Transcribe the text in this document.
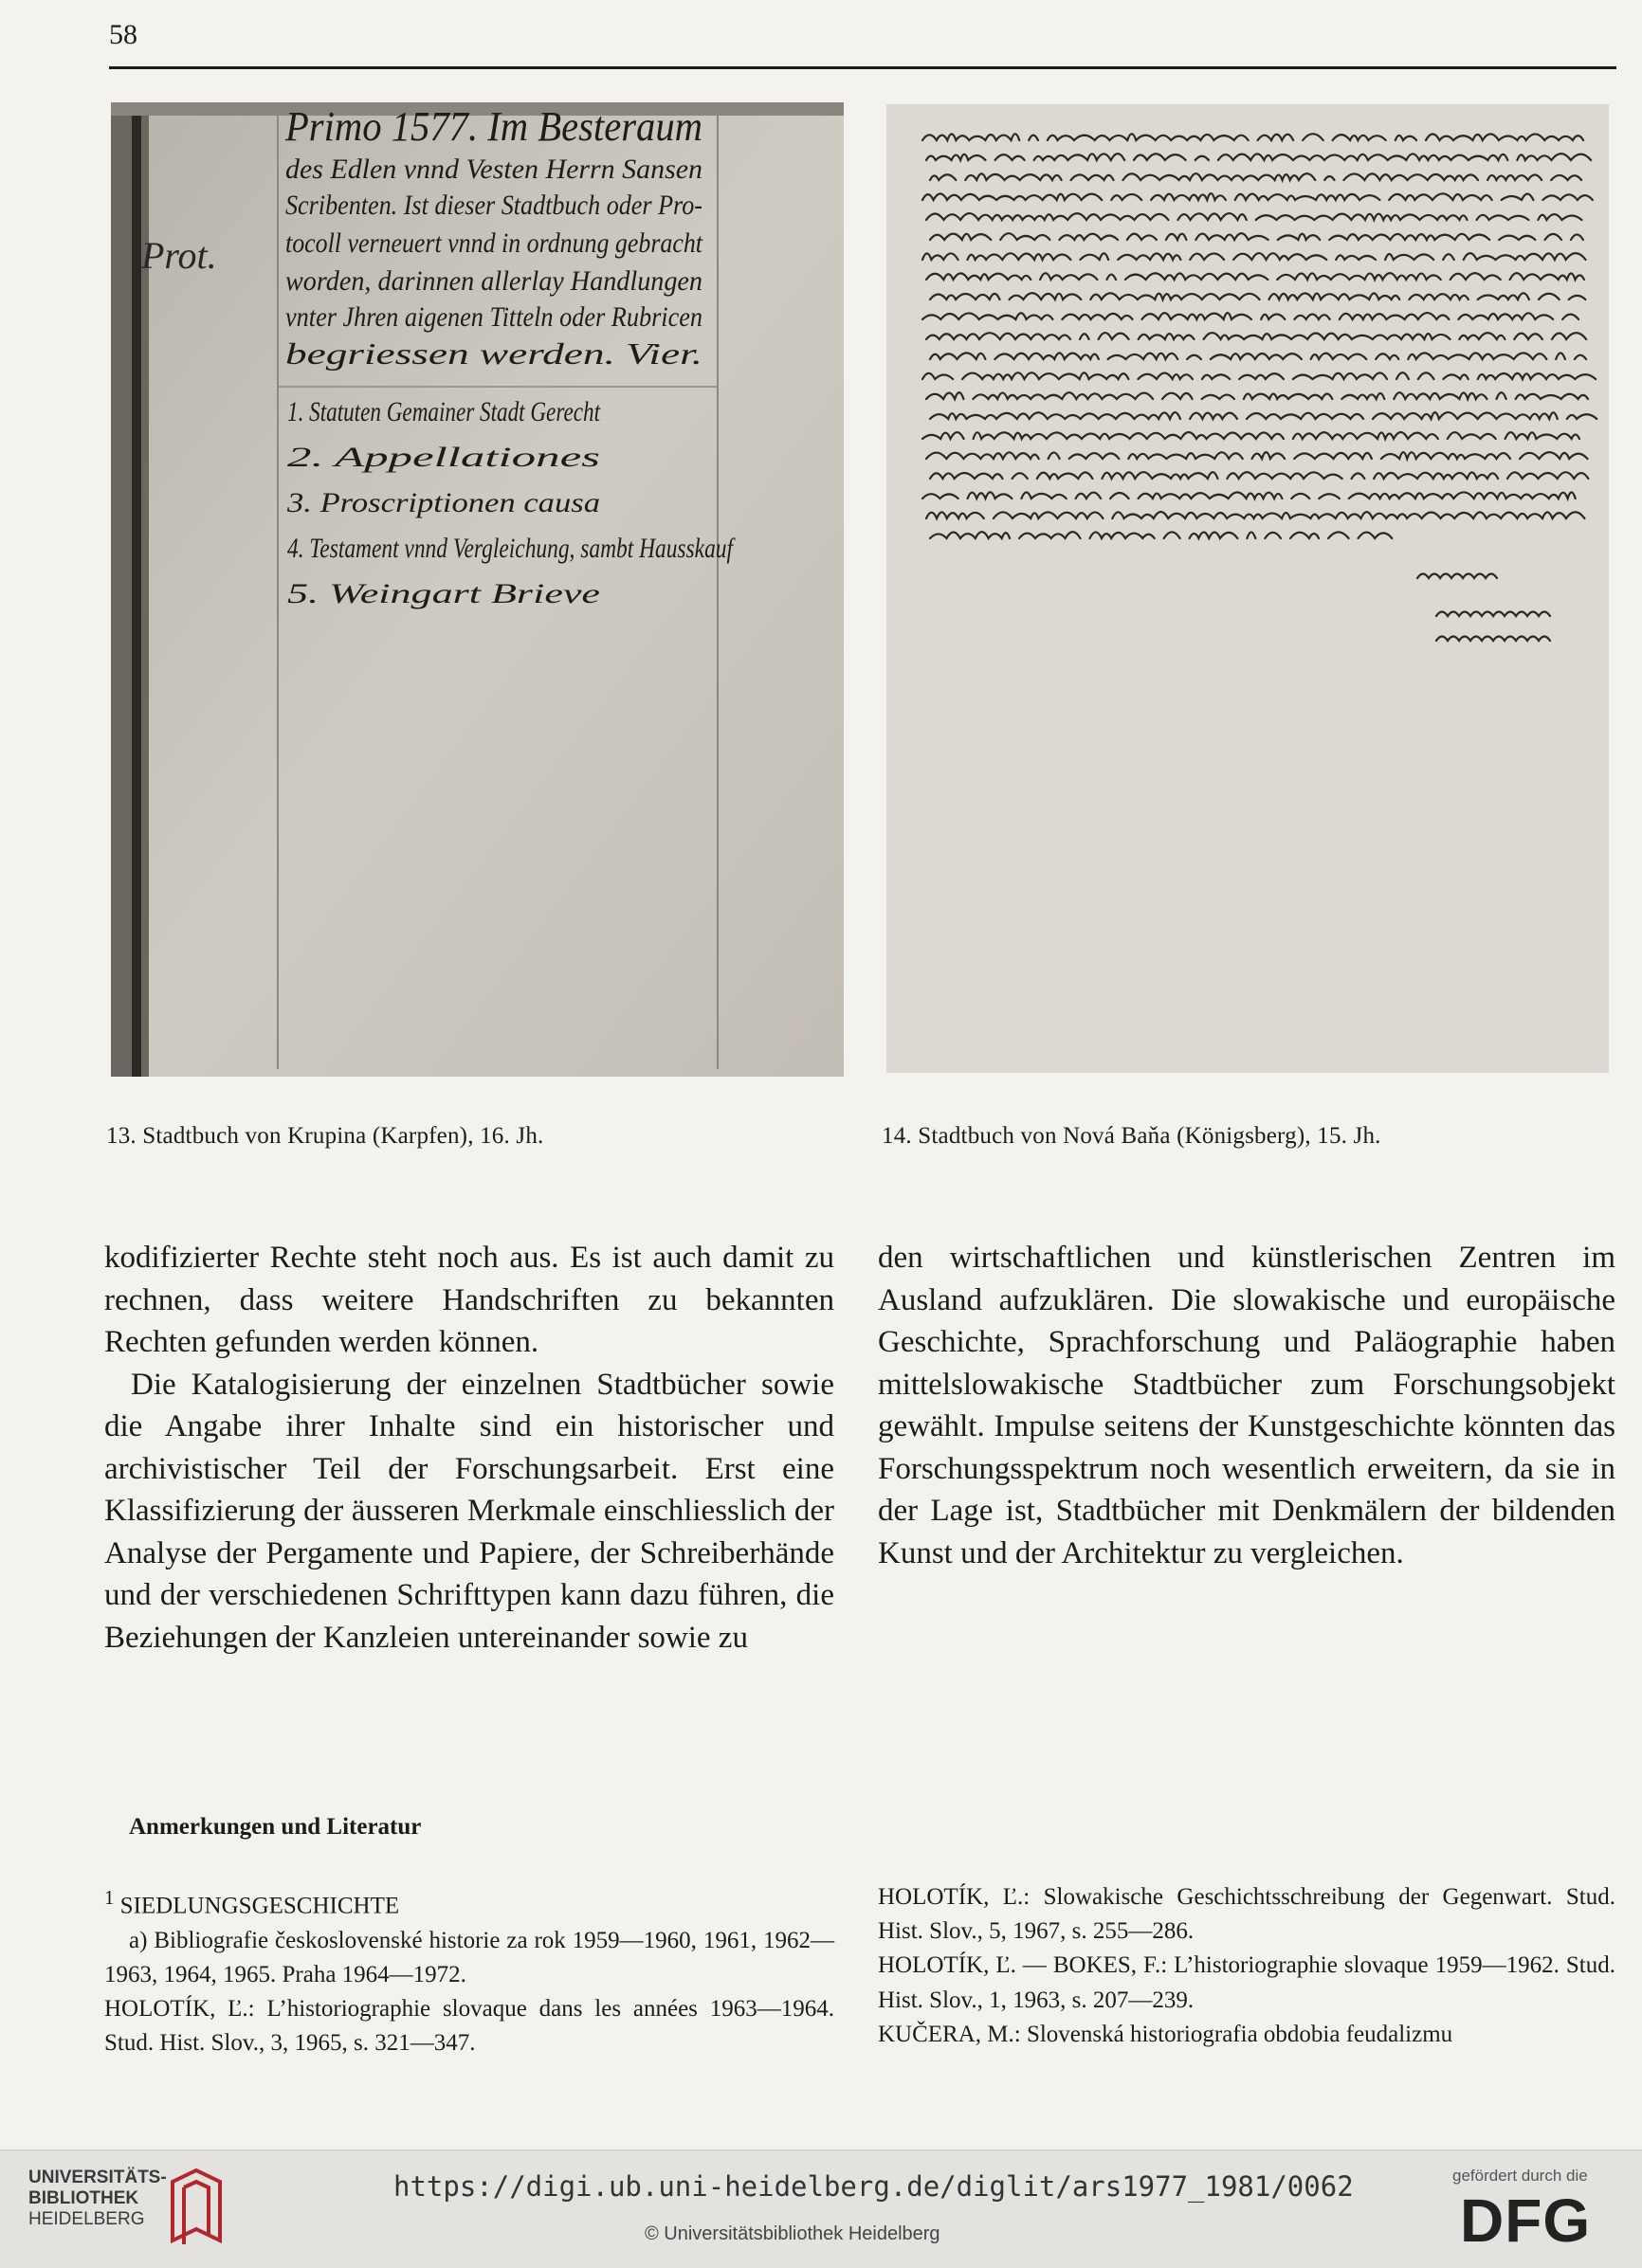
58
Prot.
Primo 1577. Im Besteraum
des Edlen vnnd Vesten Herrn Sansen
Scribenten. Ist dieser Stadtbuch oder Pro-
tocoll verneuert vnnd in ordnung gebracht
worden, darinnen allerlay Handlungen
vnter Jhren aigenen Titteln oder Rubricen
begriessen werden. Vier.
1. Statuten Gemainer Stadt Gerecht
2. Appellationes
3. Proscriptionen causa
4. Testament vnnd Vergleichung, sambt Hausskauf
5. Weingart Brieve
13. Stadtbuch von Krupina (Karpfen), 16. Jh.	14. Stadtbuch von Nová Baňa (Königsberg), 15. Jh.

kodifizierter Rechte steht noch aus. Es ist auch damit zu rechnen, dass weitere Handschriften zu bekannten Rechten gefunden werden können.

Die Katalogisierung der einzelnen Stadtbücher sowie die Angabe ihrer Inhalte sind ein historischer und archivistischer Teil der Forschungsarbeit. Erst eine Klassifizierung der äusseren Merkmale einschliesslich der Analyse der Pergamente und Papiere, der Schreiberhände und der verschiedenen Schrifttypen kann dazu führen, die Beziehungen der Kanzleien untereinander sowie zu

den wirtschaftlichen und künstlerischen Zentren im Ausland aufzuklären. Die slowakische und europäische Geschichte, Sprachforschung und Paläographie haben mittelslowakische Stadtbücher zum Forschungsobjekt gewählt. Impulse seitens der Kunstgeschichte könnten das Forschungsspektrum noch wesentlich erweitern, da sie in der Lage ist, Stadtbücher mit Denkmälern der bildenden Kunst und der Architektur zu vergleichen.

Anmerkungen und Literatur

$^1$ SIEDLUNGSGESCHICHTE

a) Bibliografie československé historie za rok 1959—1960, 1961, 1962—1963, 1964, 1965. Praha 1964—1972.

HOLOTÍK, Ľ.: L’historiographie slovaque dans les années 1963—1964. Stud. Hist. Slov., 3, 1965, s. 321—347.

HOLOTÍK, Ľ.: Slowakische Geschichtsschreibung der Gegenwart. Stud. Hist. Slov., 5, 1967, s. 255—286.

HOLOTÍK, Ľ. — BOKES, F.: L’historiographie slovaque 1959—1962. Stud. Hist. Slov., 1, 1963, s. 207—239.

KUČERA, M.: Slovenská historiografia obdobia feudalizmu

UNIVERSITÄTS-
BIBLIOTHEK
HEIDELBERG
https://digi.ub.uni-heidelberg.de/diglit/ars1977_1981/0062
© Universitätsbibliothek Heidelberg
gefördert durch die
DFG
